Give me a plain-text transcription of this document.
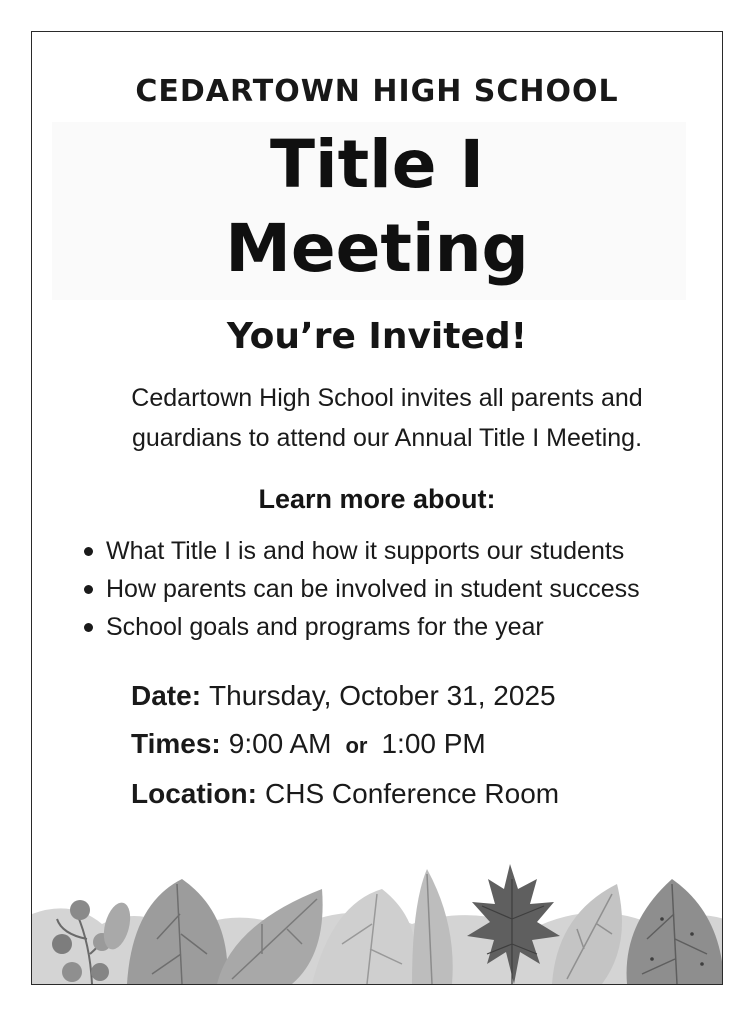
CEDARTOWN HIGH SCHOOL
Title I
Meeting
You’re Invited!
Cedartown High School invites all parents and
guardians to attend our Annual Title I Meeting.
Learn more about:
What Title I is and how it supports our students
How parents can be involved in student success
School goals and programs for the year
Date: Thursday, October 31, 2025
Times: 9:00 AM or 1:00 PM
Location: CHS Conference Room
